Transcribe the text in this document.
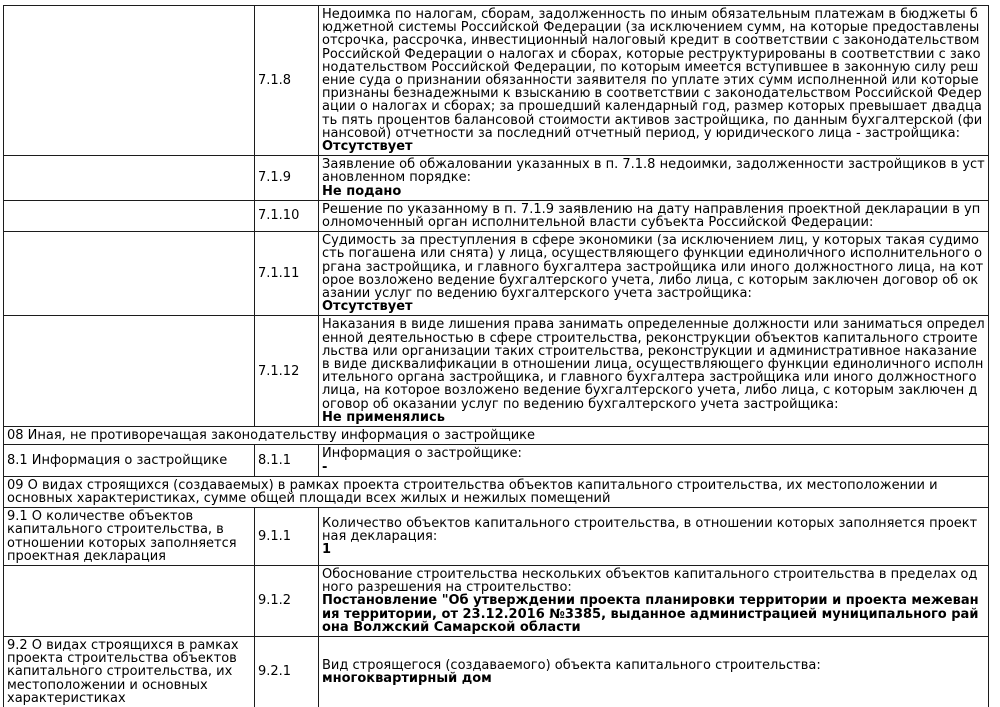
	7.1.8	Недоимка по налогам, сборам, задолженность по иным обязательным платежам в бюджеты бюджетной системы Российской Федерации (за исключением сумм, на которые предоставлены отсрочка, рассрочка, инвестиционный налоговый кредит в соответствии с законодательством Российской Федерации о налогах и сборах, которые реструктурированы в соответствии с законодательством Российской Федерации, по которым имеется вступившее в законную силу решение суда о признании обязанности заявителя по уплате этих сумм исполненной или которые признаны безнадежными к взысканию в соответствии с законодательством Российской Федерации о налогах и сборах; за прошедший календарный год, размер которых превышает двадцать пять процентов балансовой стоимости активов застройщика, по данным бухгалтерской (финансовой) отчетности за последний отчетный период, у юридического лица - застройщика:
Отсутствует

	7.1.9	Заявление об обжаловании указанных в п. 7.1.8 недоимки, задолженности застройщиков в установленном порядке:
Не подано

	7.1.10	Решение по указанному в п. 7.1.9 заявлению на дату направления проектной декларации в уполномоченный орган исполнительной власти субъекта Российской Федерации:

	7.1.11	Судимость за преступления в сфере экономики (за исключением лиц, у которых такая судимость погашена или снята) у лица, осуществляющего функции единоличного исполнительного органа застройщика, и главного бухгалтера застройщика или иного должностного лица, на которое возложено ведение бухгалтерского учета, либо лица, с которым заключен договор об оказании услуг по ведению бухгалтерского учета застройщика:
Отсутствует

	7.1.12	Наказания в виде лишения права занимать определенные должности или заниматься определенной деятельностью в сфере строительства, реконструкции объектов капитального строительства или организации таких строительства, реконструкции и административное наказание в виде дисквалификации в отношении лица, осуществляющего функции единоличного исполнительного органа застройщика, и главного бухгалтера застройщика или иного должностного лица, на которое возложено ведение бухгалтерского учета, либо лица, с которым заключен договор об оказании услуг по ведению бухгалтерского учета застройщика:
Не применялись

08 Иная, не противоречащая законодательству информация о застройщике		
8.1 Информация о застройщике	8.1.1	Информация о застройщике:
-

09 О видах строящихся (создаваемых) в рамках проекта строительства объектов капитального строительства, их местоположении и основных характеристиках, сумме общей площади всех жилых и нежилых помещений		
9.1 О количестве объектов капитального строительства, в отношении которых заполняется проектная декларация	9.1.1	Количество объектов капитального строительства, в отношении которых заполняется проектная декларация:
1

	9.1.2	Обоснование строительства нескольких объектов капитального строительства в пределах одного разрешения на строительство:
Постановление "Об утверждении проекта планировки территории и проекта межевания территории, от 23.12.2016 №3385, выданное администрацией муниципального района Волжский Самарской области

9.2 О видах строящихся в рамках проекта строительства объектов капитального строительства, их местоположении и основных характеристиках	9.2.1	Вид строящегося (создаваемого) объекта капитального строительства:
многоквартирный дом
